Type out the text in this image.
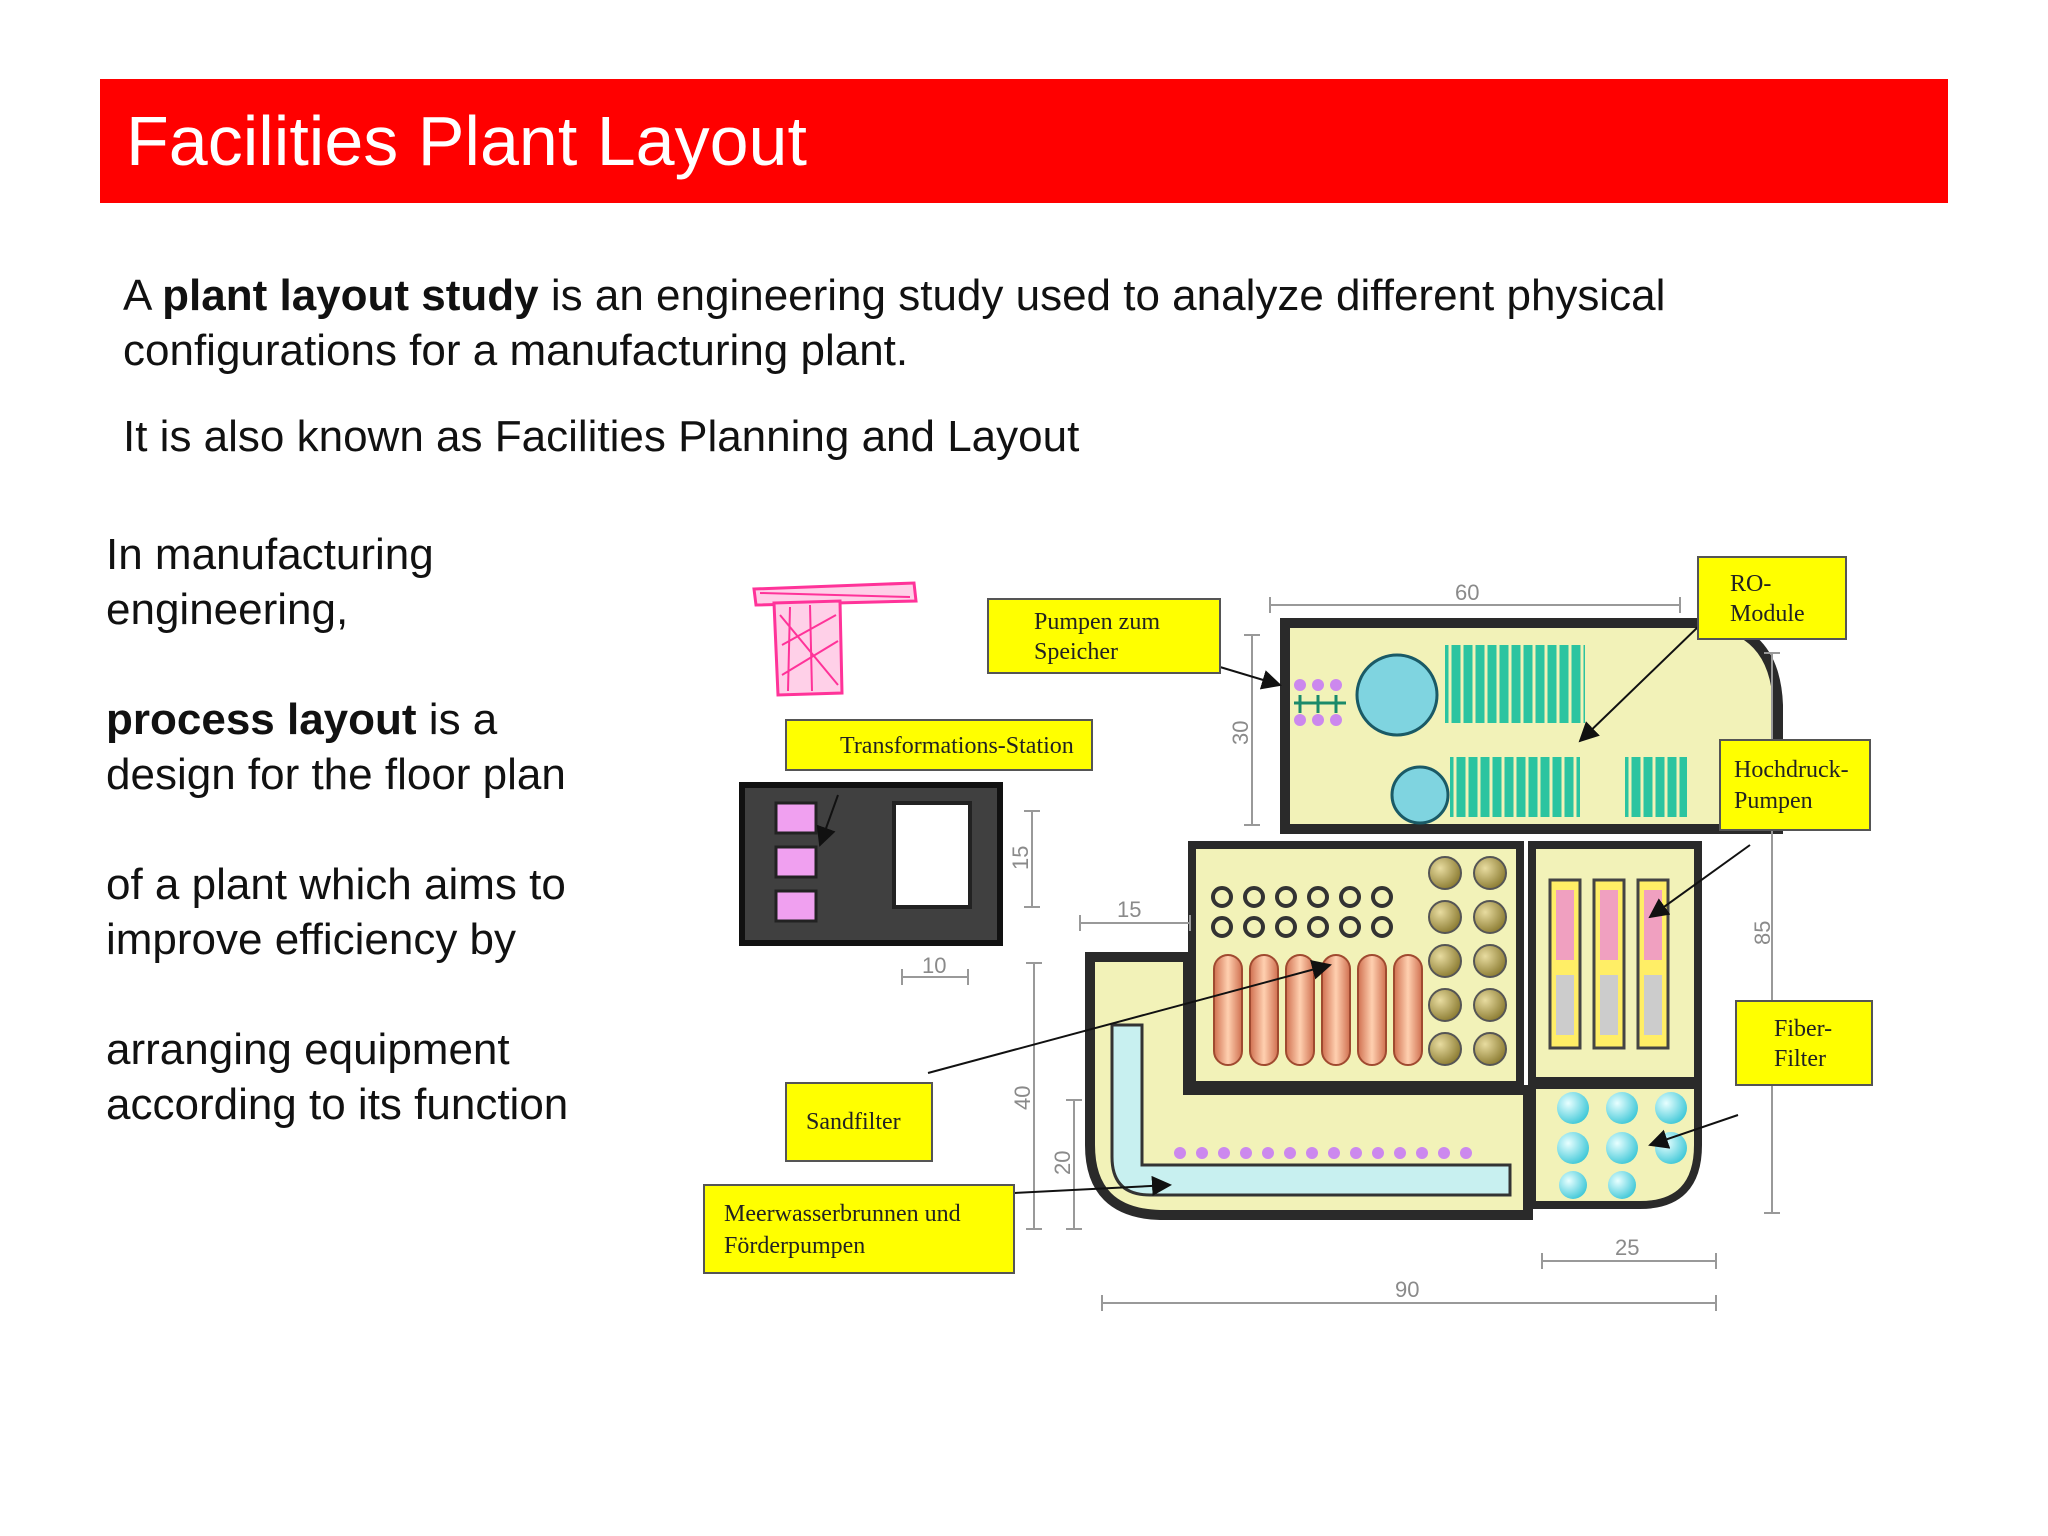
Facilities Plant Layout

A plant layout study is an engineering study used to analyze different physical configurations for a manufacturing plant.

It is also known as Facilities Planning and Layout

In manufacturing engineering,

process layout is a design for the floor plan

of a plant which aims to improve efficiency by

arranging equipment according to its function

60
30
85
15
15
10
40
20
25
90
Pumpen zum
Speicher
RO-
Module
Transformations-Station
Hochdruck-
Pumpen
Fiber-
Filter
Sandfilter
Meerwasserbrunnen und
Förderpumpen
